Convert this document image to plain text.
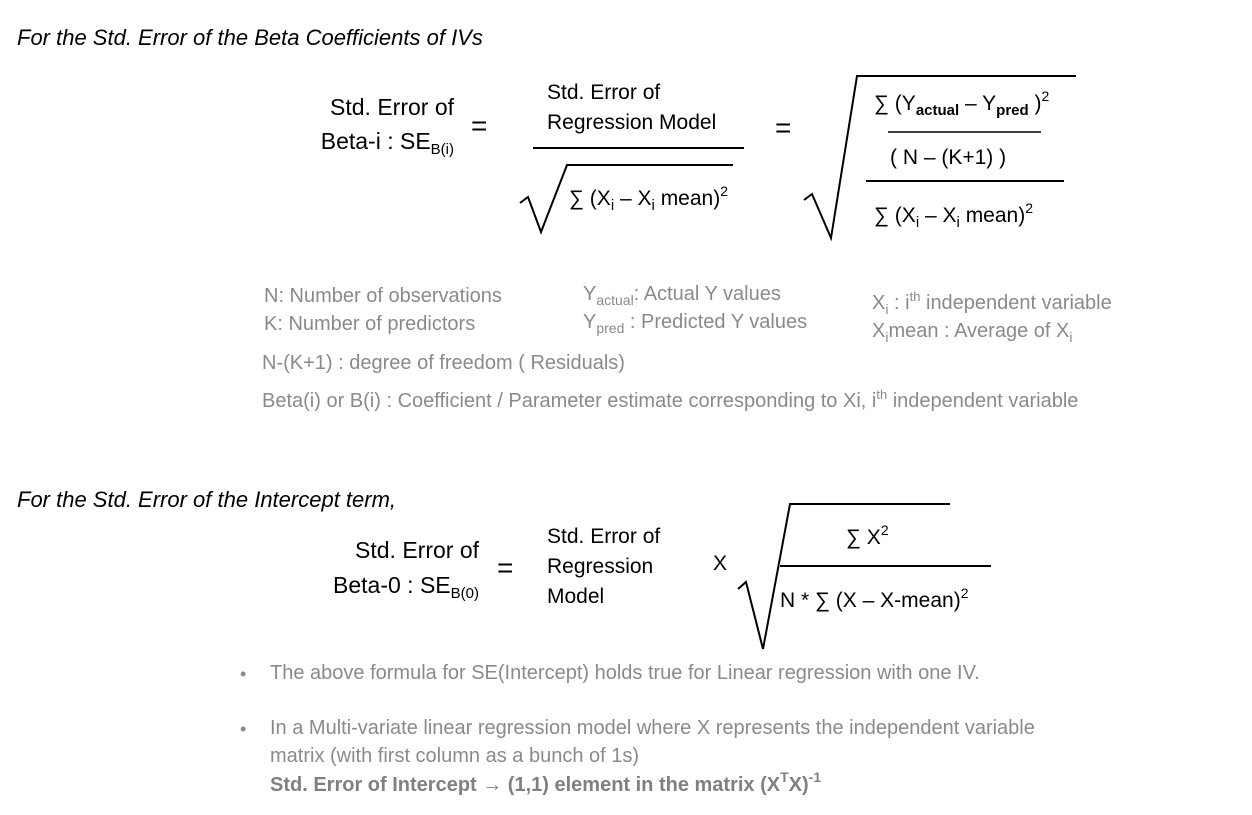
For the Std. Error of the Beta Coefficients of IVs
Std. Error of
Beta-i : $SE_{B(i)}$
=
Std. Error of
Regression Model
∑ ($X_i - X_i$ mean)$^2$
=
∑ ($Y_{actual} - Y_{pred}$ )$^2$
( N – (K+1) )
∑ ($X_i - X_i$ mean)$^2$
N: Number of observations
K: Number of predictors
$Y_{actual}$: Actual Y values
$Y_{pred}$ : Predicted Y values
$X_i$ : $i^{th}$ independent variable
$X_imean$ : Average of $X_i$
N-(K+1) : degree of freedom ( Residuals)
Beta(i) or B(i) : Coefficient / Parameter estimate corresponding to Xi, $i^{th}$ independent variable
For the Std. Error of the Intercept term,
Std. Error of
Beta-0 : $SE_{B(0)}$
=
Std. Error of
Regression
Model
X
∑ $X^2$
N * ∑ (X – X-mean)$^2$
• The above formula for SE(Intercept) holds true for Linear regression with one IV.
• In a Multi-variate linear regression model where X represents the independent variable
matrix (with first column as a bunch of 1s)
Std. Error of Intercept → (1,1) element in the matrix $(X^TX)^{-1}$
